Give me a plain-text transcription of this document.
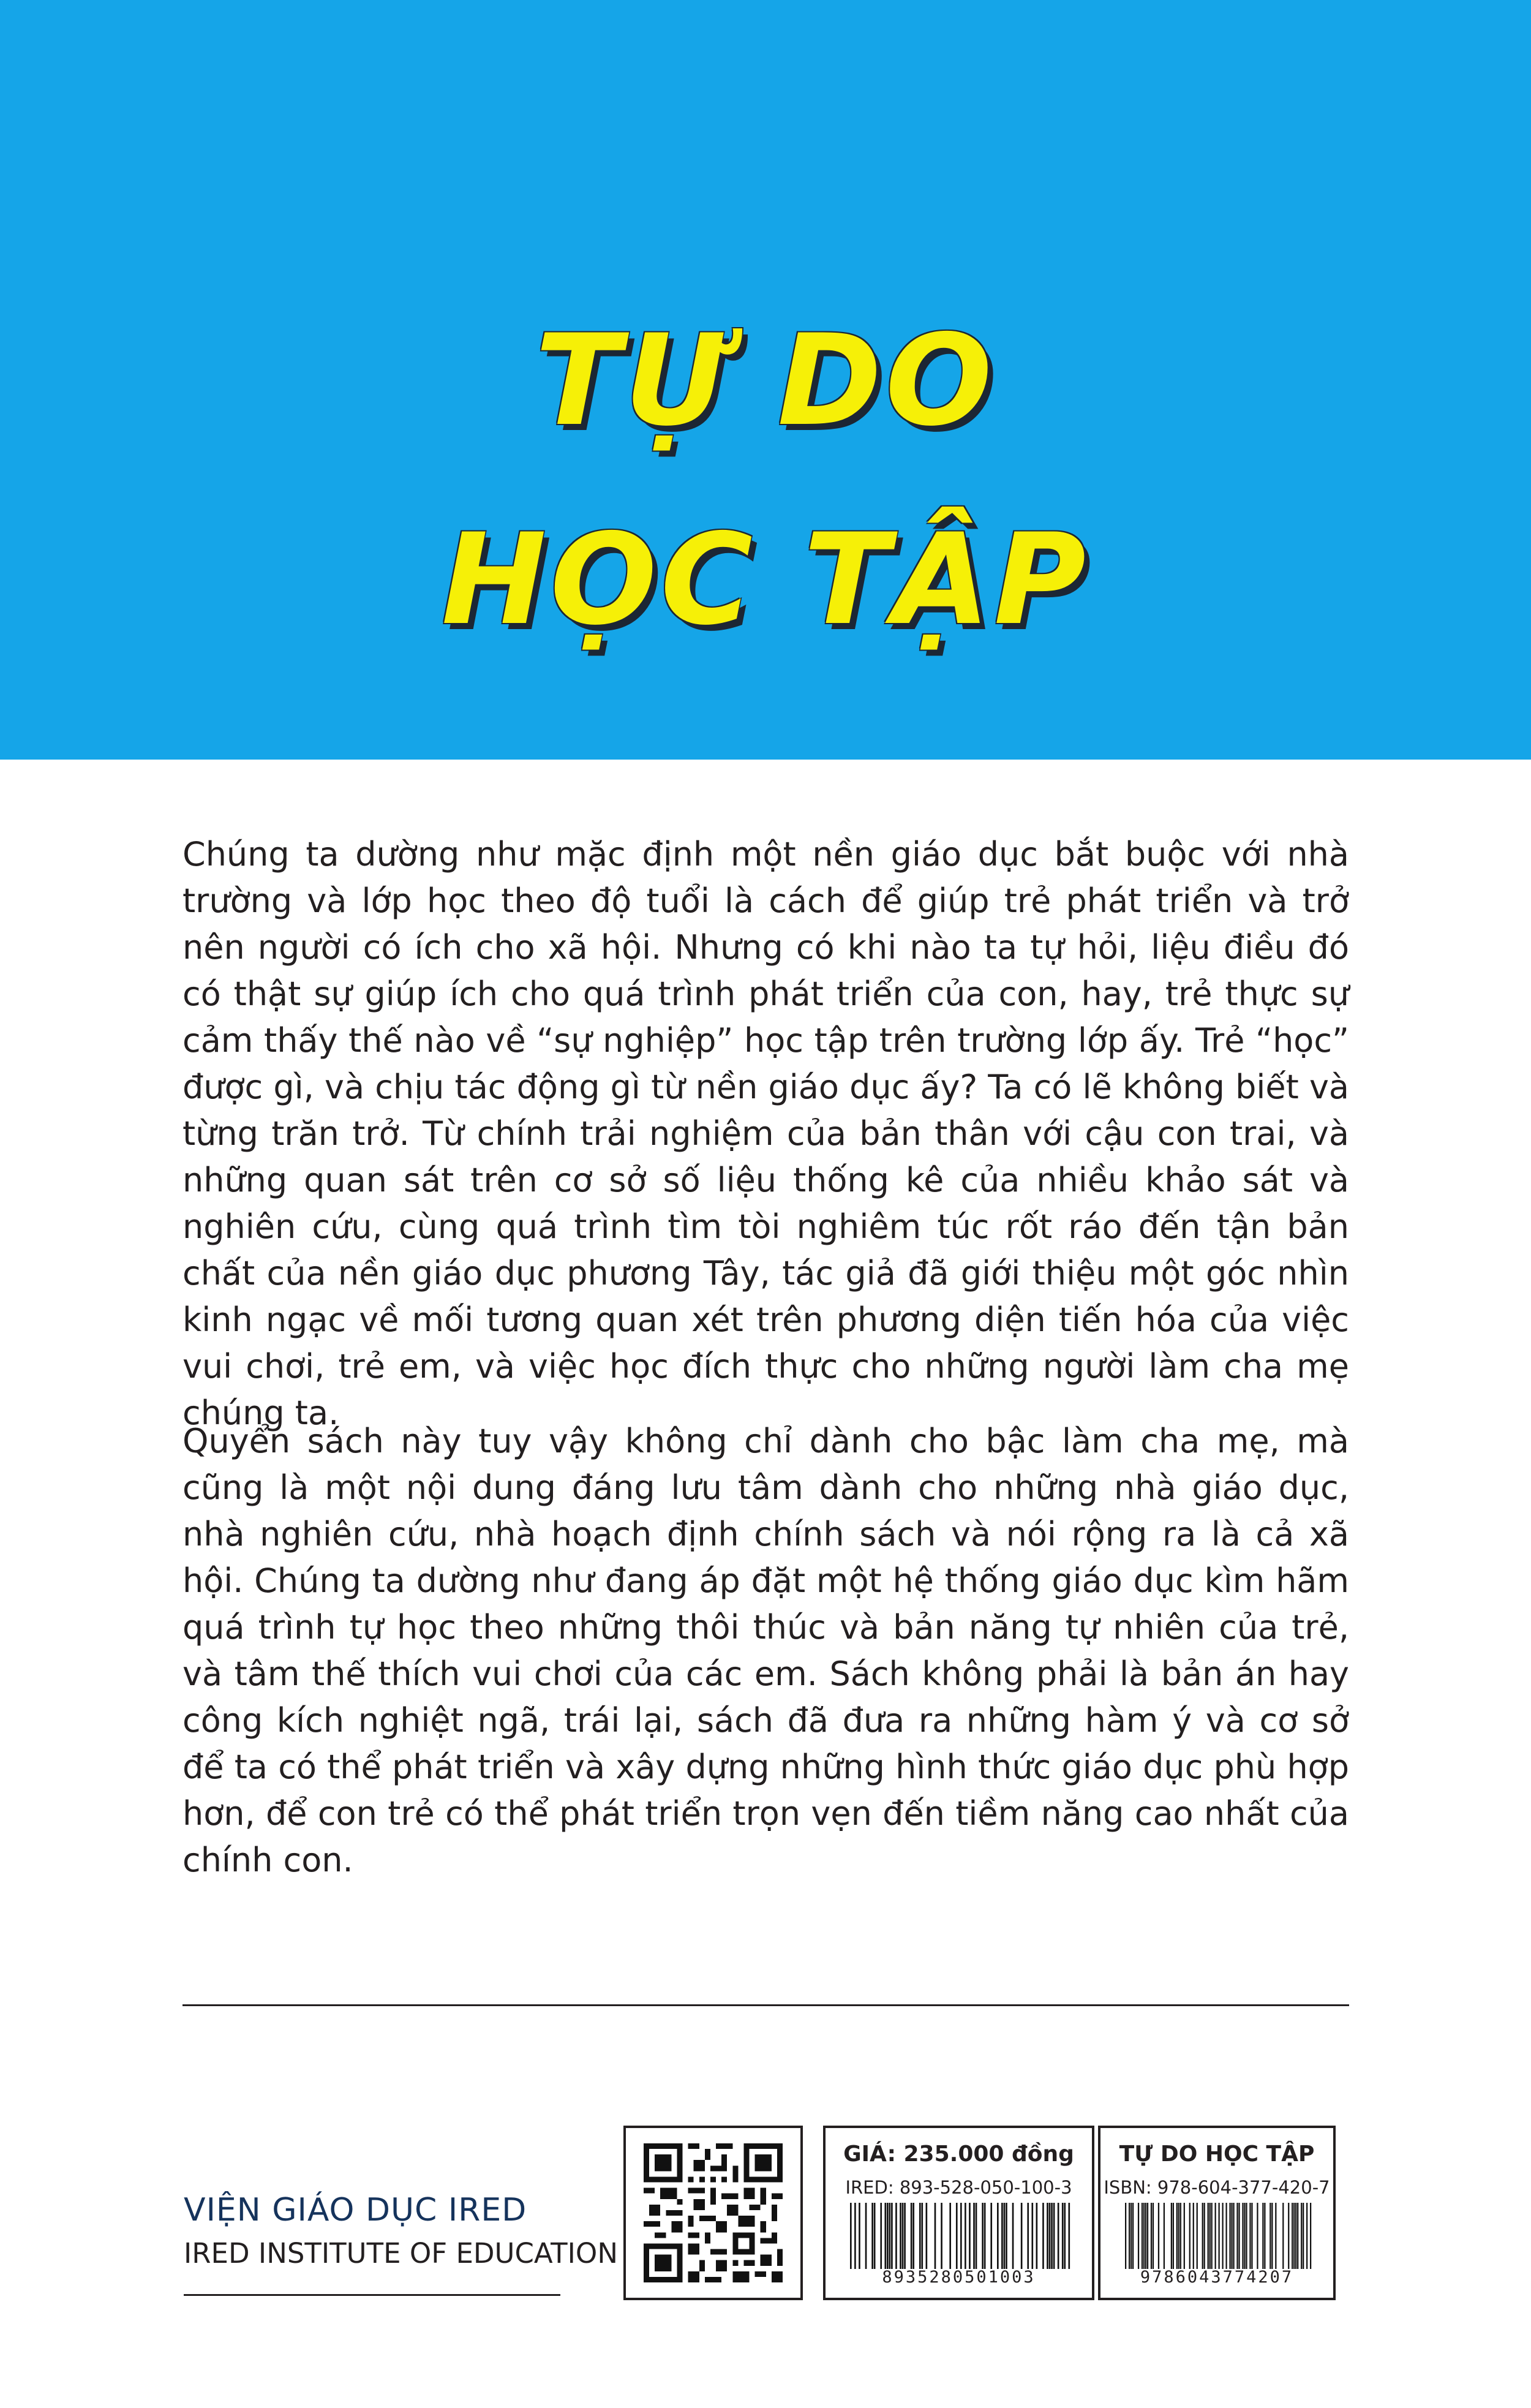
TỰ DO
HỌC TẬP
Chúng ta dường như mặc định một nền giáo dục bắt buộc với nhà trường và lớp học theo độ tuổi là cách để giúp trẻ phát triển và trở nên người có ích cho xã hội. Nhưng có khi nào ta tự hỏi, liệu điều đó có thật sự giúp ích cho quá trình phát triển của con, hay, trẻ thực sự cảm thấy thế nào về “sự nghiệp” học tập trên trường lớp ấy. Trẻ “học” được gì, và chịu tác động gì từ nền giáo dục ấy? Ta có lẽ không biết và từng trăn trở. Từ chính trải nghiệm của bản thân với cậu con trai, và những quan sát trên cơ sở số liệu thống kê của nhiều khảo sát và nghiên cứu, cùng quá trình tìm tòi nghiêm túc rốt ráo đến tận bản chất của nền giáo dục phương Tây, tác giả đã giới thiệu một góc nhìn kinh ngạc về mối tương quan xét trên phương diện tiến hóa của việc vui chơi, trẻ em, và việc học đích thực cho những người làm cha mẹ chúng ta.
Quyển sách này tuy vậy không chỉ dành cho bậc làm cha mẹ, mà cũng là một nội dung đáng lưu tâm dành cho những nhà giáo dục, nhà nghiên cứu, nhà hoạch định chính sách và nói rộng ra là cả xã hội. Chúng ta dường như đang áp đặt một hệ thống giáo dục kìm hãm quá trình tự học theo những thôi thúc và bản năng tự nhiên của trẻ, và tâm thế thích vui chơi của các em. Sách không phải là bản án hay công kích nghiệt ngã, trái lại, sách đã đưa ra những hàm ý và cơ sở để ta có thể phát triển và xây dựng những hình thức giáo dục phù hợp hơn, để con trẻ có thể phát triển trọn vẹn đến tiềm năng cao nhất của chính con.
VIỆN GIÁO DỤC IRED
IRED INSTITUTE OF EDUCATION
GIÁ: 235.000 đồng
IRED: 893-528-050-100-3
8935280501003
TỰ DO HỌC TẬP
ISBN: 978-604-377-420-7
9786043774207
